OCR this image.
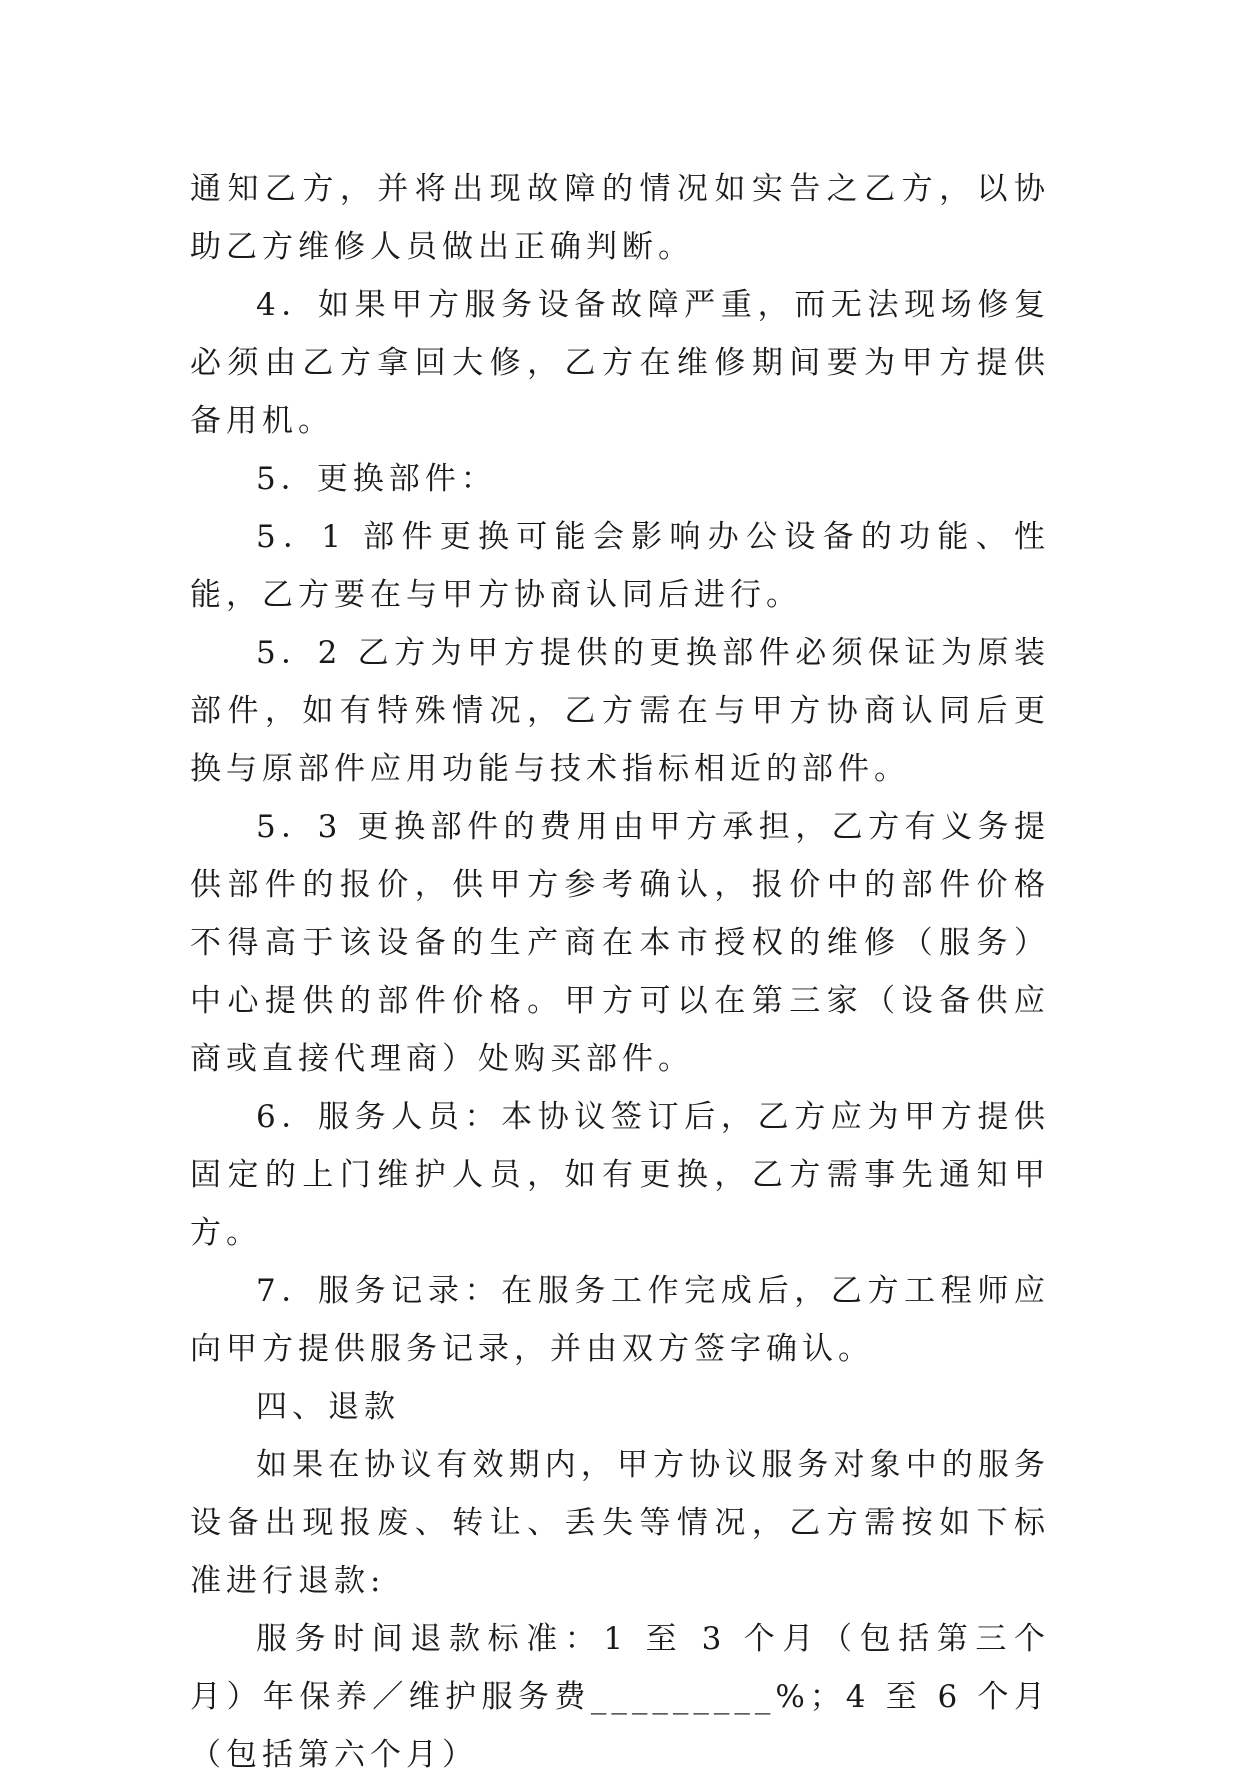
通知乙方，并将出现故障的情况如实告之乙方，以协助乙方维修人员做出正确判断。

4．如果甲方服务设备故障严重，而无法现场修复必须由乙方拿回大修，乙方在维修期间要为甲方提供备用机。

5．更换部件：

5．1 部件更换可能会影响办公设备的功能、性能，乙方要在与甲方协商认同后进行。

5．2 乙方为甲方提供的更换部件必须保证为原装部件，如有特殊情况，乙方需在与甲方协商认同后更换与原部件应用功能与技术指标相近的部件。

5．3 更换部件的费用由甲方承担，乙方有义务提供部件的报价，供甲方参考确认，报价中的部件价格不得高于该设备的生产商在本市授权的维修（服务）中心提供的部件价格。甲方可以在第三家（设备供应商或直接代理商）处购买部件。

6．服务人员：本协议签订后，乙方应为甲方提供固定的上门维护人员，如有更换，乙方需事先通知甲方。

7．服务记录：在服务工作完成后，乙方工程师应向甲方提供服务记录，并由双方签字确认。

四、退款

如果在协议有效期内，甲方协议服务对象中的服务设备出现报废、转让、丢失等情况，乙方需按如下标准进行退款:

服务时间退款标准：1 至 3 个月（包括第三个月）年保养／维护服务费_________%；4 至 6 个月（包括第六个月）
